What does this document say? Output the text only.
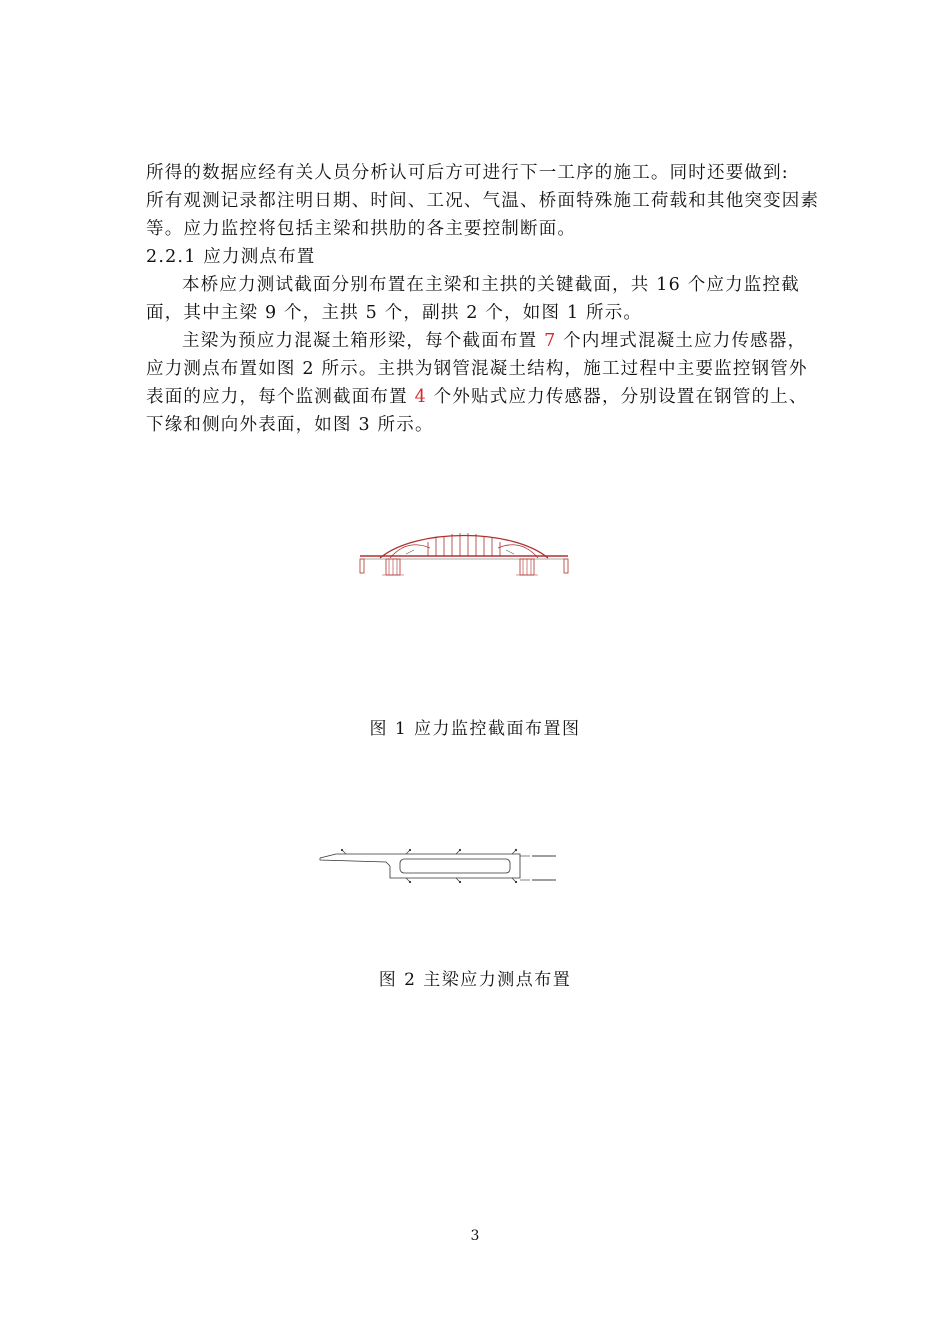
所得的数据应经有关人员分析认可后方可进行下一工序的施工。同时还要做到:
所有观测记录都注明日期、时间、工况、气温、桥面特殊施工荷载和其他突变因素
等。应力监控将包括主梁和拱肋的各主要控制断面。
2.2.1 应力测点布置
本桥应力测试截面分别布置在主梁和主拱的关键截面，共 16 个应力监控截
面，其中主梁 9 个，主拱 5 个，副拱 2 个，如图 1 所示。
主梁为预应力混凝土箱形梁，每个截面布置 7 个内埋式混凝土应力传感器，
应力测点布置如图 2 所示。主拱为钢管混凝土结构，施工过程中主要监控钢管外
表面的应力，每个监测截面布置 4 个外贴式应力传感器，分别设置在钢管的上、
下缘和侧向外表面，如图 3 所示。
图 1 应力监控截面布置图
图 2 主梁应力测点布置
3
